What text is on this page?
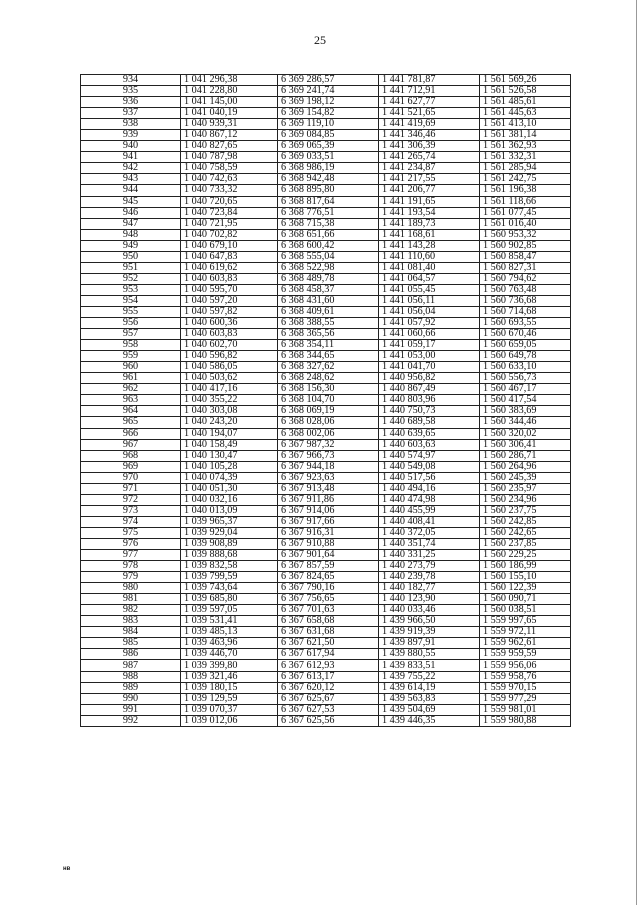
25
934	1 041 296,38	6 369 286,57	1 441 781,87	1 561 569,26
935	1 041 228,80	6 369 241,74	1 441 712,91	1 561 526,58
936	1 041 145,00	6 369 198,12	1 441 627,77	1 561 485,61
937	1 041 040,19	6 369 154,82	1 441 521,65	1 561 445,63
938	1 040 939,31	6 369 119,10	1 441 419,69	1 561 413,10
939	1 040 867,12	6 369 084,85	1 441 346,46	1 561 381,14
940	1 040 827,65	6 369 065,39	1 441 306,39	1 561 362,93
941	1 040 787,98	6 369 033,51	1 441 265,74	1 561 332,31
942	1 040 758,59	6 368 986,19	1 441 234,87	1 561 285,94
943	1 040 742,63	6 368 942,48	1 441 217,55	1 561 242,75
944	1 040 733,32	6 368 895,80	1 441 206,77	1 561 196,38
945	1 040 720,65	6 368 817,64	1 441 191,65	1 561 118,66
946	1 040 723,84	6 368 776,51	1 441 193,54	1 561 077,45
947	1 040 721,95	6 368 715,38	1 441 189,73	1 561 016,40
948	1 040 702,82	6 368 651,66	1 441 168,61	1 560 953,32
949	1 040 679,10	6 368 600,42	1 441 143,28	1 560 902,85
950	1 040 647,83	6 368 555,04	1 441 110,60	1 560 858,47
951	1 040 619,62	6 368 522,98	1 441 081,40	1 560 827,31
952	1 040 603,83	6 368 489,78	1 441 064,57	1 560 794,62
953	1 040 595,70	6 368 458,37	1 441 055,45	1 560 763,48
954	1 040 597,20	6 368 431,60	1 441 056,11	1 560 736,68
955	1 040 597,82	6 368 409,61	1 441 056,04	1 560 714,68
956	1 040 600,36	6 368 388,55	1 441 057,92	1 560 693,55
957	1 040 603,83	6 368 365,56	1 441 060,66	1 560 670,46
958	1 040 602,70	6 368 354,11	1 441 059,17	1 560 659,05
959	1 040 596,82	6 368 344,65	1 441 053,00	1 560 649,78
960	1 040 586,05	6 368 327,62	1 441 041,70	1 560 633,10
961	1 040 503,62	6 368 248,62	1 440 956,82	1 560 556,73
962	1 040 417,16	6 368 156,30	1 440 867,49	1 560 467,17
963	1 040 355,22	6 368 104,70	1 440 803,96	1 560 417,54
964	1 040 303,08	6 368 069,19	1 440 750,73	1 560 383,69
965	1 040 243,20	6 368 028,06	1 440 689,58	1 560 344,46
966	1 040 194,07	6 368 002,06	1 440 639,65	1 560 320,02
967	1 040 158,49	6 367 987,32	1 440 603,63	1 560 306,41
968	1 040 130,47	6 367 966,73	1 440 574,97	1 560 286,71
969	1 040 105,28	6 367 944,18	1 440 549,08	1 560 264,96
970	1 040 074,39	6 367 923,63	1 440 517,56	1 560 245,39
971	1 040 051,30	6 367 913,48	1 440 494,16	1 560 235,97
972	1 040 032,16	6 367 911,86	1 440 474,98	1 560 234,96
973	1 040 013,09	6 367 914,06	1 440 455,99	1 560 237,75
974	1 039 965,37	6 367 917,66	1 440 408,41	1 560 242,85
975	1 039 929,04	6 367 916,31	1 440 372,05	1 560 242,65
976	1 039 908,89	6 367 910,88	1 440 351,74	1 560 237,85
977	1 039 888,68	6 367 901,64	1 440 331,25	1 560 229,25
978	1 039 832,58	6 367 857,59	1 440 273,79	1 560 186,99
979	1 039 799,59	6 367 824,65	1 440 239,78	1 560 155,10
980	1 039 743,64	6 367 790,16	1 440 182,77	1 560 122,39
981	1 039 685,80	6 367 756,65	1 440 123,90	1 560 090,71
982	1 039 597,05	6 367 701,63	1 440 033,46	1 560 038,51
983	1 039 531,41	6 367 658,68	1 439 966,50	1 559 997,65
984	1 039 485,13	6 367 631,68	1 439 919,39	1 559 972,11
985	1 039 463,96	6 367 621,50	1 439 897,91	1 559 962,61
986	1 039 446,70	6 367 617,94	1 439 880,55	1 559 959,59
987	1 039 399,80	6 367 612,93	1 439 833,51	1 559 956,06
988	1 039 321,46	6 367 613,17	1 439 755,22	1 559 958,76
989	1 039 180,15	6 367 620,12	1 439 614,19	1 559 970,15
990	1 039 129,59	6 367 625,67	1 439 563,83	1 559 977,29
991	1 039 070,37	6 367 627,53	1 439 504,69	1 559 981,01
992	1 039 012,06	6 367 625,56	1 439 446,35	1 559 980,88
нв
